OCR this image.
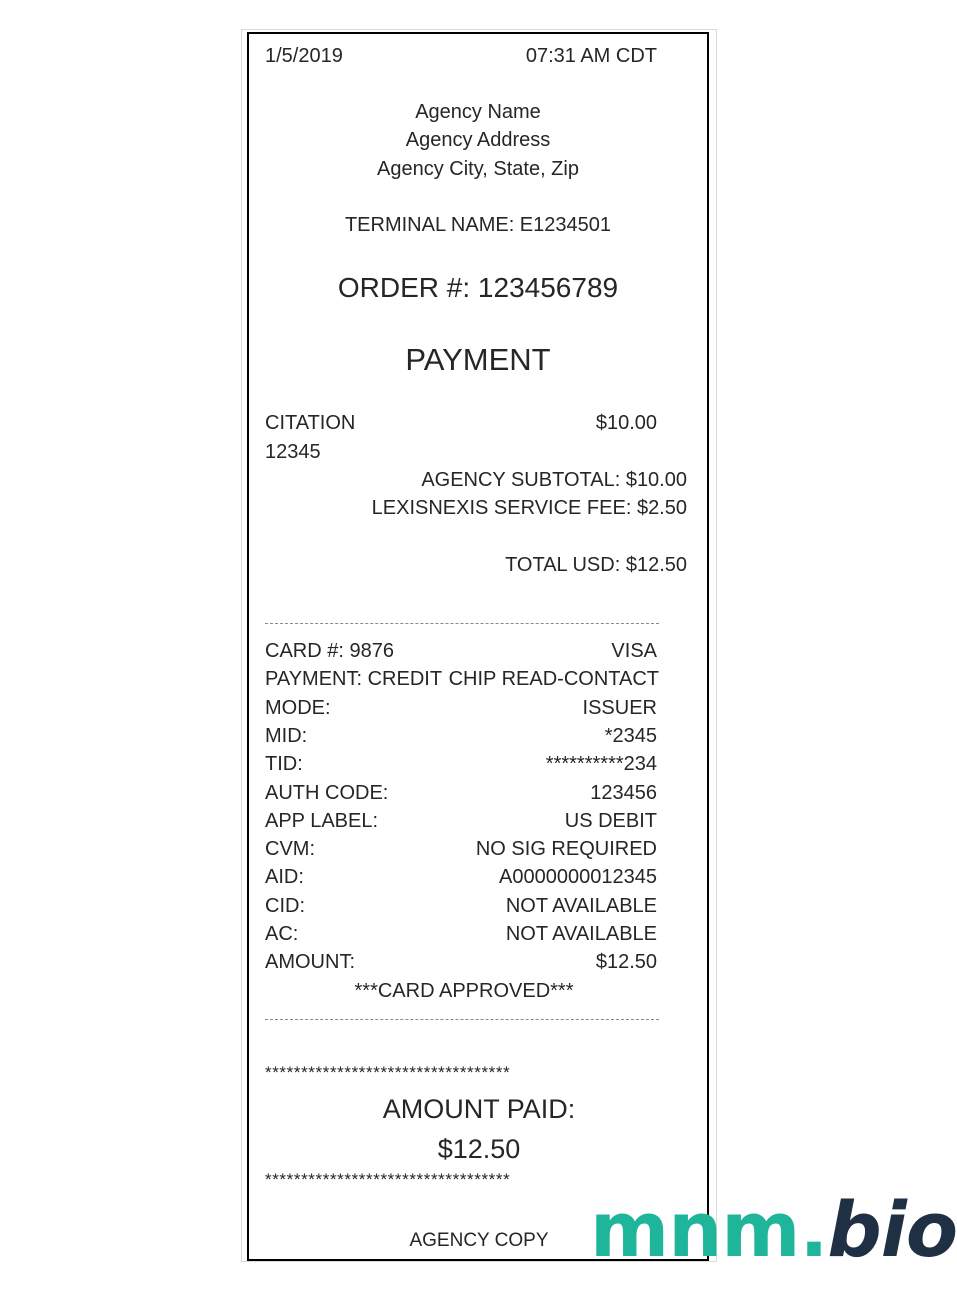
1/5/2019	07:31 AM CDT
Agency Name
Agency Address
Agency City, State, Zip
TERMINAL NAME: E1234501
ORDER #: 123456789
PAYMENT
CITATION	$10.00
12345
AGENCY SUBTOTAL: $10.00
LEXISNEXIS SERVICE FEE: $2.50
TOTAL USD: $12.50
CARD #: 9876	VISA
PAYMENT: CREDIT CHIP READ-CONTACT
MODE:	ISSUER
MID:	*2345
TID:	**********234
AUTH CODE:	123456
APP LABEL:	US DEBIT
CVM:	NO SIG REQUIRED
AID:	A0000000012345
CID:	NOT AVAILABLE
AC:	NOT AVAILABLE
AMOUNT:	$12.50
***CARD APPROVED***
**********************************
AMOUNT PAID:
$12.50
**********************************
AGENCY COPY mnm.bio
